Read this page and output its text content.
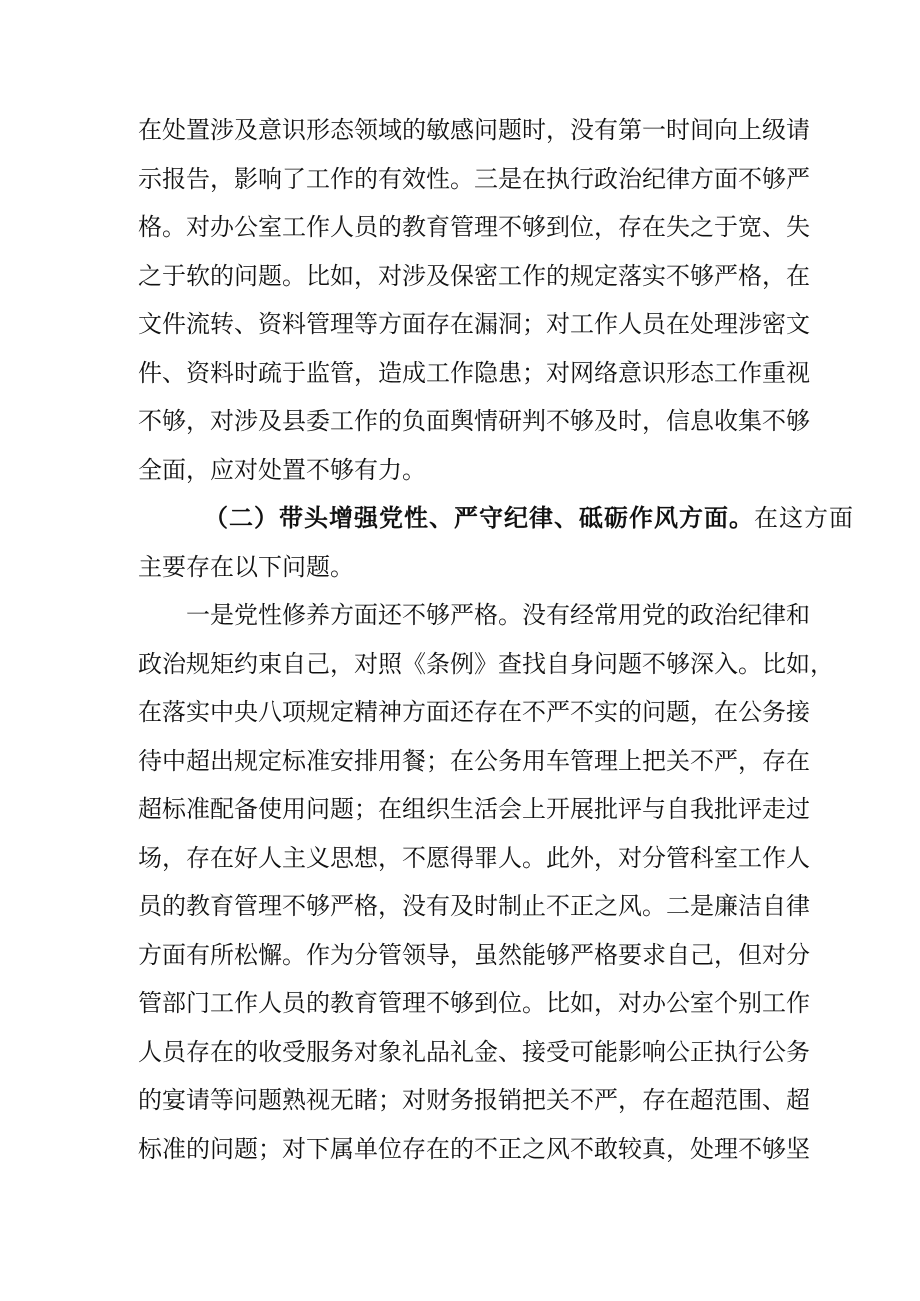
在 处 置 涉 及 意 识 形 态 领 域 的 敏 感 问 题 时 ， 没 有 第 一 时 间 向 上 级 请
示 报 告 ， 影 响 了 工 作 的 有 效 性 。 三 是 在 执 行 政 治 纪 律 方 面 不 够 严
格 。 对 办 公 室 工 作 人 员 的 教 育 管 理 不 够 到 位 ， 存 在 失 之 于 宽 、 失
之 于 软 的 问 题 。 比 如 ， 对 涉 及 保 密 工 作 的 规 定 落 实 不 够 严 格 ， 在
文 件 流 转 、 资 料 管 理 等 方 面 存 在 漏 洞 ； 对 工 作 人 员 在 处 理 涉 密 文
件 、 资 料 时 疏 于 监 管 ， 造 成 工 作 隐 患 ； 对 网 络 意 识 形 态 工 作 重 视
不 够 ， 对 涉 及 县 委 工 作 的 负 面 舆 情 研 判 不 够 及 时 ， 信 息 收 集 不 够
全面，应对处置不够有力。
（二）带头增强党性、严守纪律、砥砺作风方面。 在这方面
主要存在以下问题。
一 是 党 性 修 养 方 面 还 不 够 严 格 。 没 有 经 常 用 党 的 政 治 纪 律 和
政 治 规 矩 约 束 自 己 ， 对 照 《 条 例 》 查 找 自 身 问 题 不 够 深 入 。 比 如 ，
在 落 实 中 央 八 项 规 定 精 神 方 面 还 存 在 不 严 不 实 的 问 题 ， 在 公 务 接
待 中 超 出 规 定 标 准 安 排 用 餐 ； 在 公 务 用 车 管 理 上 把 关 不 严 ， 存 在
超 标 准 配 备 使 用 问 题 ； 在 组 织 生 活 会 上 开 展 批 评 与 自 我 批 评 走 过
场 ， 存 在 好 人 主 义 思 想 ， 不 愿 得 罪 人 。 此 外 ， 对 分 管 科 室 工 作 人
员 的 教 育 管 理 不 够 严 格 ， 没 有 及 时 制 止 不 正 之 风 。 二 是 廉 洁 自 律
方 面 有 所 松 懈 。 作 为 分 管 领 导 ， 虽 然 能 够 严 格 要 求 自 己 ， 但 对 分
管 部 门 工 作 人 员 的 教 育 管 理 不 够 到 位 。 比 如 ， 对 办 公 室 个 别 工 作
人 员 存 在 的 收 受 服 务 对 象 礼 品 礼 金 、 接 受 可 能 影 响 公 正 执 行 公 务
的 宴 请 等 问 题 熟 视 无 睹 ； 对 财 务 报 销 把 关 不 严 ， 存 在 超 范 围 、 超
标 准 的 问 题 ； 对 下 属 单 位 存 在 的 不 正 之 风 不 敢 较 真 ， 处 理 不 够 坚
